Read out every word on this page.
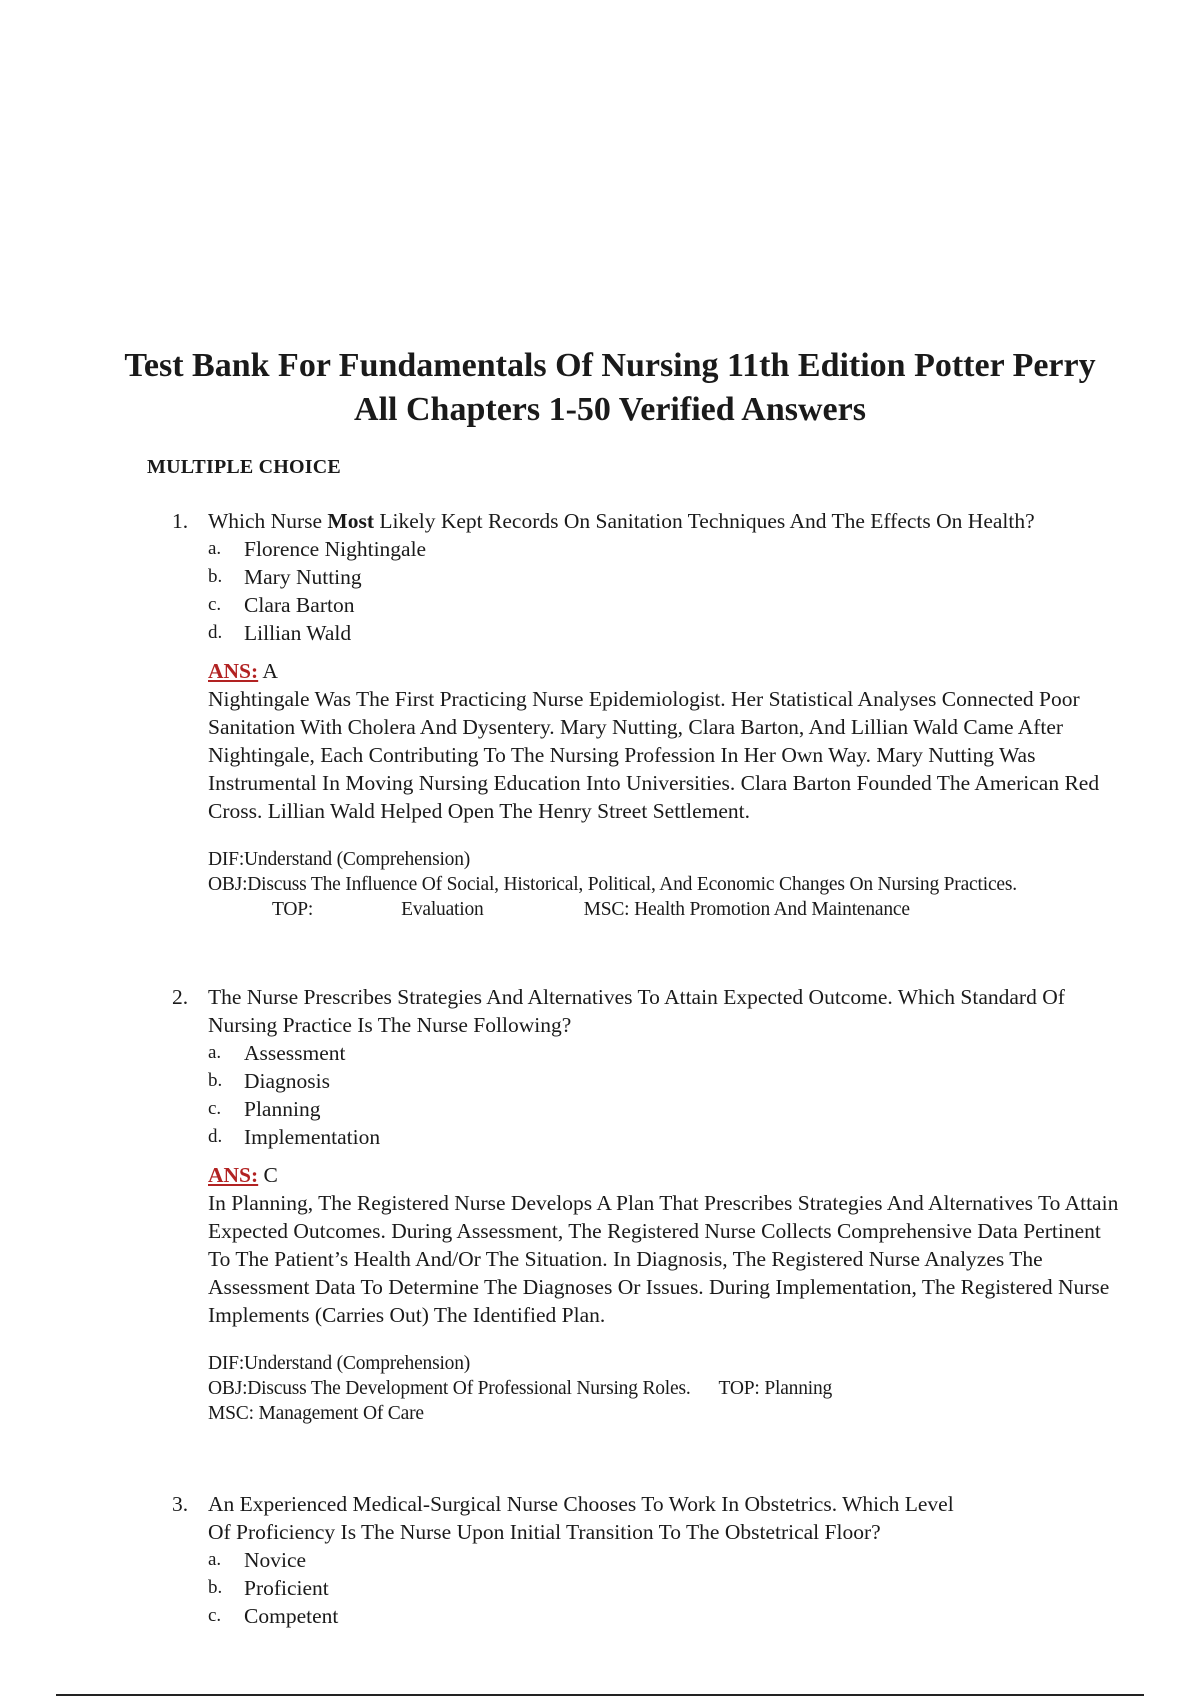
Test Bank For Fundamentals Of Nursing 11th Edition Potter Perry
All Chapters 1-50 Verified Answers
MULTIPLE CHOICE
1. Which Nurse Most Likely Kept Records On Sanitation Techniques And The Effects On Health?
a. Florence Nightingale
b. Mary Nutting
c. Clara Barton
d. Lillian Wald
ANS: A
Nightingale Was The First Practicing Nurse Epidemiologist. Her Statistical Analyses Connected Poor Sanitation With Cholera And Dysentery. Mary Nutting, Clara Barton, And Lillian Wald Came After Nightingale, Each Contributing To The Nursing Profession In Her Own Way. Mary Nutting Was Instrumental In Moving Nursing Education Into Universities. Clara Barton Founded The American Red Cross. Lillian Wald Helped Open The Henry Street Settlement.
DIF:Understand (Comprehension)
OBJ:Discuss The Influence Of Social, Historical, Political, And Economic Changes On Nursing Practices.
TOP:	Evaluation	MSC: Health Promotion And Maintenance
2. The Nurse Prescribes Strategies And Alternatives To Attain Expected Outcome. Which Standard Of Nursing Practice Is The Nurse Following?
a. Assessment
b. Diagnosis
c. Planning
d. Implementation
ANS: C
In Planning, The Registered Nurse Develops A Plan That Prescribes Strategies And Alternatives To Attain Expected Outcomes. During Assessment, The Registered Nurse Collects Comprehensive Data Pertinent To The Patient’s Health And/Or The Situation. In Diagnosis, The Registered Nurse Analyzes The Assessment Data To Determine The Diagnoses Or Issues. During Implementation, The Registered Nurse Implements (Carries Out) The Identified Plan.
DIF:Understand (Comprehension)
OBJ:Discuss The Development Of Professional Nursing Roles. TOP: Planning
MSC: Management Of Care
3. An Experienced Medical-Surgical Nurse Chooses To Work In Obstetrics. Which Level Of Proficiency Is The Nurse Upon Initial Transition To The Obstetrical Floor?
a. Novice
b. Proficient
c. Competent
